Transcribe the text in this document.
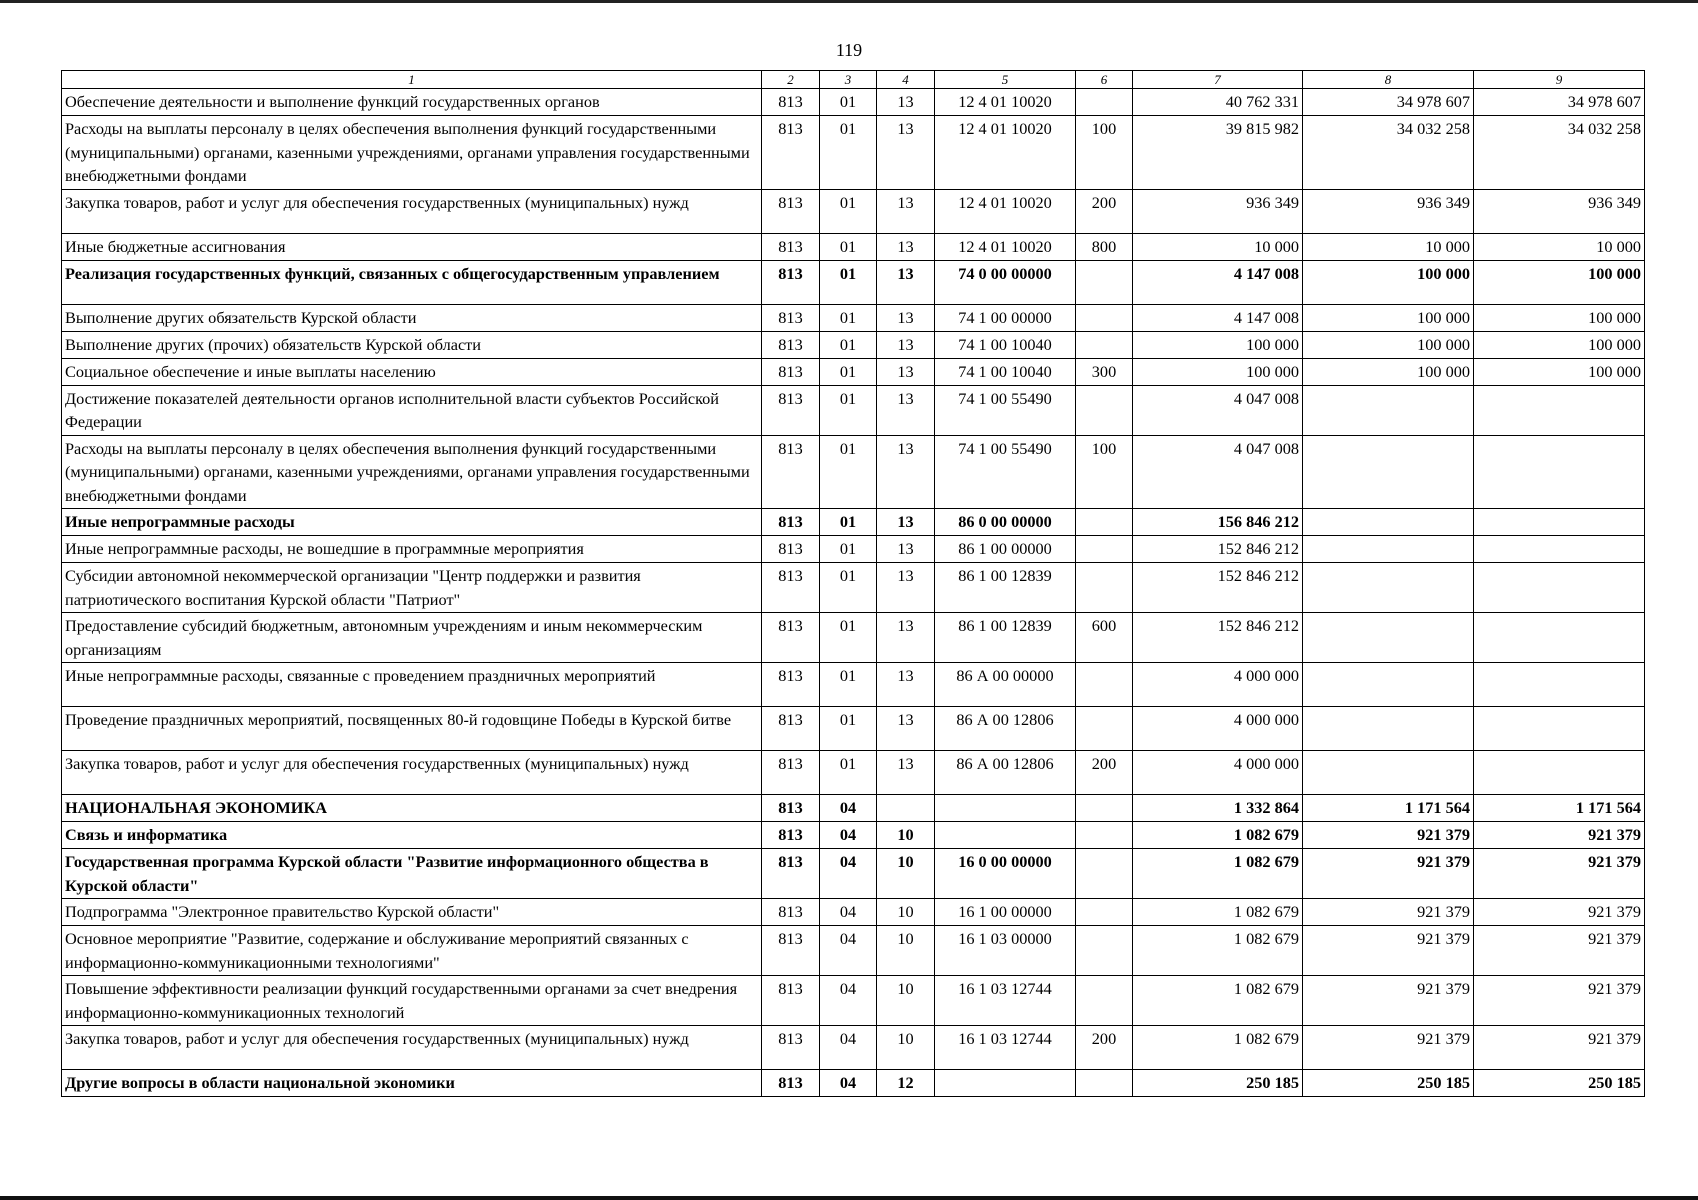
119
1	2	3	4	5	6	7	8	9
Обеспечение деятельности и выполнение функций государственных органов	813	01	13	12 4 01 10020		40 762 331	34 978 607	34 978 607
Расходы на выплаты персоналу в целях обеспечения выполнения функций государственными (муниципальными) органами, казенными учреждениями, органами управления государственными внебюджетными фондами	813	01	13	12 4 01 10020	100	39 815 982	34 032 258	34 032 258
Закупка товаров, работ и услуг для обеспечения государственных (муниципальных) нужд	813	01	13	12 4 01 10020	200	936 349	936 349	936 349
Иные бюджетные ассигнования	813	01	13	12 4 01 10020	800	10 000	10 000	10 000
Реализация государственных функций, связанных с общегосударственным управлением	813	01	13	74 0 00 00000		4 147 008	100 000	100 000
Выполнение других обязательств Курской области	813	01	13	74 1 00 00000		4 147 008	100 000	100 000
Выполнение других (прочих) обязательств Курской области	813	01	13	74 1 00 10040		100 000	100 000	100 000
Социальное обеспечение и иные выплаты населению	813	01	13	74 1 00 10040	300	100 000	100 000	100 000
Достижение показателей деятельности органов исполнительной власти субъектов Российской Федерации	813	01	13	74 1 00 55490		4 047 008		
Расходы на выплаты персоналу в целях обеспечения выполнения функций государственными (муниципальными) органами, казенными учреждениями, органами управления государственными внебюджетными фондами	813	01	13	74 1 00 55490	100	4 047 008		
Иные непрограммные расходы	813	01	13	86 0 00 00000		156 846 212		
Иные непрограммные расходы, не вошедшие в программные мероприятия	813	01	13	86 1 00 00000		152 846 212		
Субсидии автономной некоммерческой организации "Центр поддержки и развития патриотического воспитания Курской области "Патриот"	813	01	13	86 1 00 12839		152 846 212		
Предоставление субсидий бюджетным, автономным учреждениям и иным некоммерческим организациям	813	01	13	86 1 00 12839	600	152 846 212		
Иные непрограммные расходы, связанные с проведением праздничных мероприятий	813	01	13	86 А 00 00000		4 000 000		
Проведение праздничных мероприятий, посвященных 80-й годовщине Победы в Курской битве	813	01	13	86 А 00 12806		4 000 000		
Закупка товаров, работ и услуг для обеспечения государственных (муниципальных) нужд	813	01	13	86 А 00 12806	200	4 000 000		
НАЦИОНАЛЬНАЯ ЭКОНОМИКА	813	04				1 332 864	1 171 564	1 171 564
Связь и информатика	813	04	10			1 082 679	921 379	921 379
Государственная программа Курской области "Развитие информационного общества в Курской области"	813	04	10	16 0 00 00000		1 082 679	921 379	921 379
Подпрограмма "Электронное правительство Курской области"	813	04	10	16 1 00 00000		1 082 679	921 379	921 379
Основное мероприятие "Развитие, содержание и обслуживание мероприятий связанных с информационно-коммуникационными технологиями"	813	04	10	16 1 03 00000		1 082 679	921 379	921 379
Повышение эффективности реализации функций государственными органами за счет внедрения информационно-коммуникационных технологий	813	04	10	16 1 03 12744		1 082 679	921 379	921 379
Закупка товаров, работ и услуг для обеспечения государственных (муниципальных) нужд	813	04	10	16 1 03 12744	200	1 082 679	921 379	921 379
Другие вопросы в области национальной экономики	813	04	12			250 185	250 185	250 185
